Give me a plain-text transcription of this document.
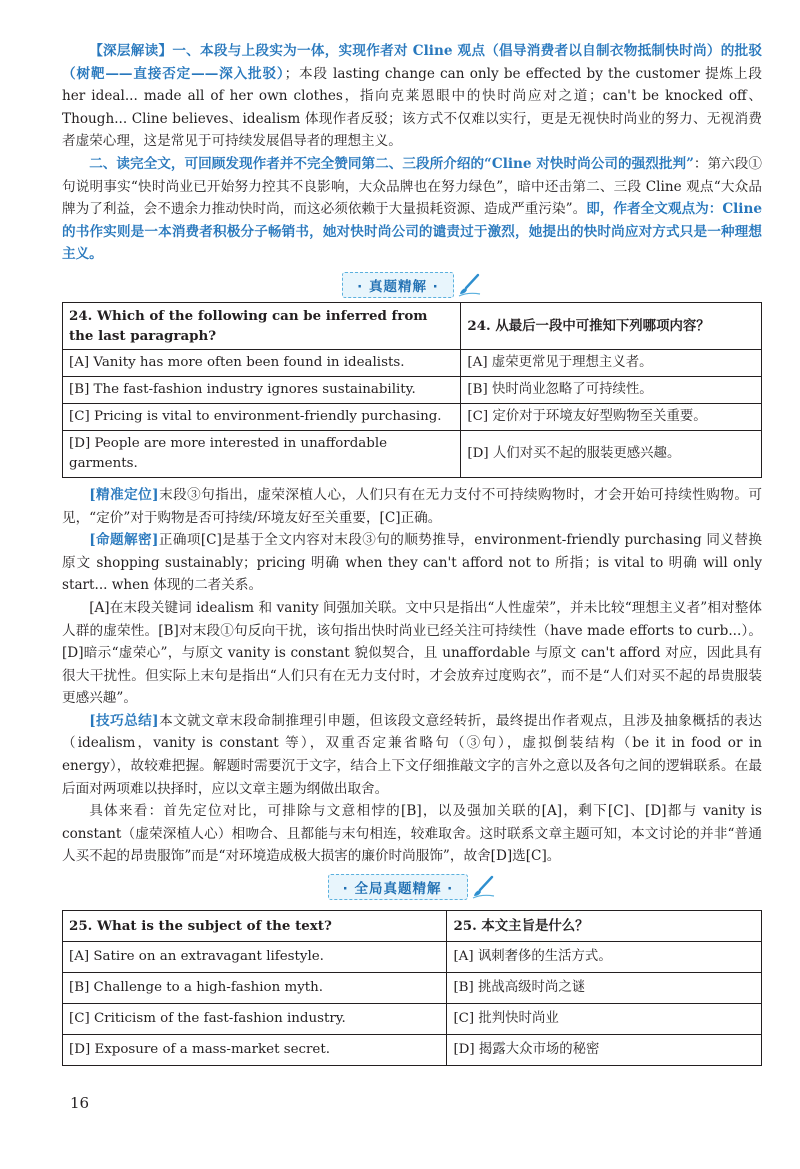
【深层解读】一、本段与上段实为一体，实现作者对 Cline 观点（倡导消费者以自制衣物抵制快时尚）的批驳（树靶——直接否定——深入批驳）；本段 lasting change can only be effected by the customer 提炼上段 her ideal... made all of her own clothes，指向克莱恩眼中的快时尚应对之道；can't be knocked off、Though... Cline believes、idealism 体现作者反驳；该方式不仅难以实行，更是无视快时尚业的努力、无视消费者虚荣心理，这是常见于可持续发展倡导者的理想主义。

二、读完全文，可回顾发现作者并不完全赞同第二、三段所介绍的“Cline 对快时尚公司的强烈批判”：第六段①句说明事实“快时尚业已开始努力控其不良影响，大众品牌也在努力绿色”，暗中还击第二、三段 Cline 观点“大众品牌为了利益，会不遗余力推动快时尚，而这必须依赖于大量损耗资源、造成严重污染”。即，作者全文观点为：Cline 的书作实则是一本消费者积极分子畅销书，她对快时尚公司的谴责过于激烈，她提出的快时尚应对方式只是一种理想主义。

· 真题精解 ·
24. Which of the following can be inferred from the last paragraph?	24. 从最后一段中可推知下列哪项内容？
[A] Vanity has more often been found in idealists.	[A] 虚荣更常见于理想主义者。
[B] The fast-fashion industry ignores sustainability.	[B] 快时尚业忽略了可持续性。
[C] Pricing is vital to environment-friendly purchasing.	[C] 定价对于环境友好型购物至关重要。
[D] People are more interested in unaffordable garments.	[D] 人们对买不起的服装更感兴趣。

[精准定位]末段③句指出，虚荣深植人心，人们只有在无力支付不可持续购物时，才会开始可持续性购物。可见，“定价”对于购物是否可持续/环境友好至关重要，[C]正确。

[命题解密]正确项[C]是基于全文内容对末段③句的顺势推导，environment-friendly purchasing 同义替换原文 shopping sustainably；pricing 明确 when they can't afford not to 所指；is vital to 明确 will only start... when 体现的二者关系。

[A]在末段关键词 idealism 和 vanity 间强加关联。文中只是指出“人性虚荣”，并未比较“理想主义者”相对整体人群的虚荣性。[B]对末段①句反向干扰，该句指出快时尚业已经关注可持续性（have made efforts to curb...）。[D]暗示“虚荣心”，与原文 vanity is constant 貌似契合，且 unaffordable 与原文 can't afford 对应，因此具有很大干扰性。但实际上末句是指出“人们只有在无力支付时，才会放弃过度购衣”，而不是“人们对买不起的昂贵服装更感兴趣”。

[技巧总结]本文就文章末段命制推理引申题，但该段文意经转折，最终提出作者观点，且涉及抽象概括的表达（idealism，vanity is constant 等），双重否定兼省略句（③句），虚拟倒装结构（be it in food or in energy），故较难把握。解题时需要沉于文字，结合上下文仔细推敲文字的言外之意以及各句之间的逻辑联系。在最后面对两项难以抉择时，应以文章主题为纲做出取舍。

具体来看：首先定位对比，可排除与文意相悖的[B]，以及强加关联的[A]，剩下[C]、[D]都与 vanity is constant（虚荣深植人心）相吻合、且都能与末句相连，较难取舍。这时联系文章主题可知，本文讨论的并非“普通人买不起的昂贵服饰”而是“对环境造成极大损害的廉价时尚服饰”，故舍[D]选[C]。

· 全局真题精解 ·
25. What is the subject of the text?	25. 本文主旨是什么？
[A] Satire on an extravagant lifestyle.	[A] 讽刺奢侈的生活方式。
[B] Challenge to a high-fashion myth.	[B] 挑战高级时尚之谜
[C] Criticism of the fast-fashion industry.	[C] 批判快时尚业
[D] Exposure of a mass-market secret.	[D] 揭露大众市场的秘密
16
